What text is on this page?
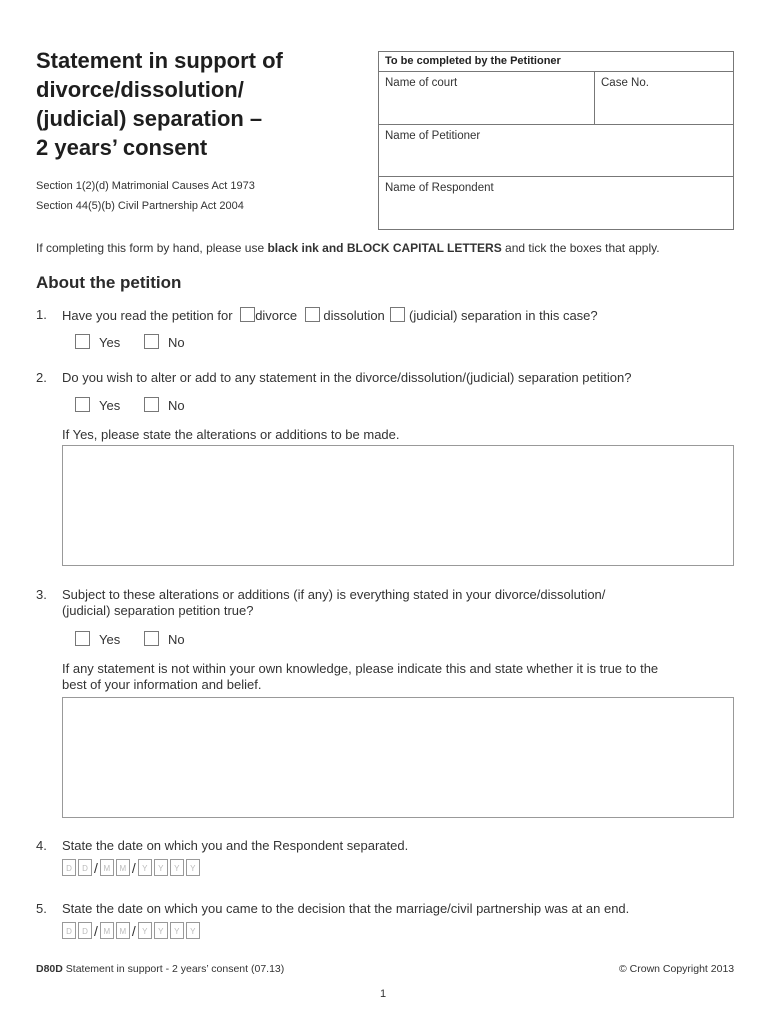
Statement in support of
divorce/dissolution/
(judicial) separation –
2 years’ consent
Section 1(2)(d) Matrimonial Causes Act 1973
Section 44(5)(b) Civil Partnership Act 2004
To be completed by the Petitioner
Name of court	Case No.
Name of Petitioner
Name of Respondent
If completing this form by hand, please use black ink and BLOCK CAPITAL LETTERS and tick the boxes that apply.
About the petition
1. Have you read the petition for divorce dissolution (judicial) separation in this case?
Yes	No
2. Do you wish to alter or add to any statement in the divorce/dissolution/(judicial) separation petition?
Yes	No
If Yes, please state the alterations or additions to be made.
3. Subject to these alterations or additions (if any) is everything stated in your divorce/dissolution/
(judicial) separation petition true?
Yes	No
If any statement is not within your own knowledge, please indicate this and state whether it is true to the
best of your information and belief.
4. State the date on which you and the Respondent separated.
D	D / M	M / Y	Y	Y	Y
5. State the date on which you came to the decision that the marriage/civil partnership was at an end.
D	D / M	M / Y	Y	Y	Y
D80D Statement in support - 2 years’ consent (07.13)	© Crown Copyright 2013
1
